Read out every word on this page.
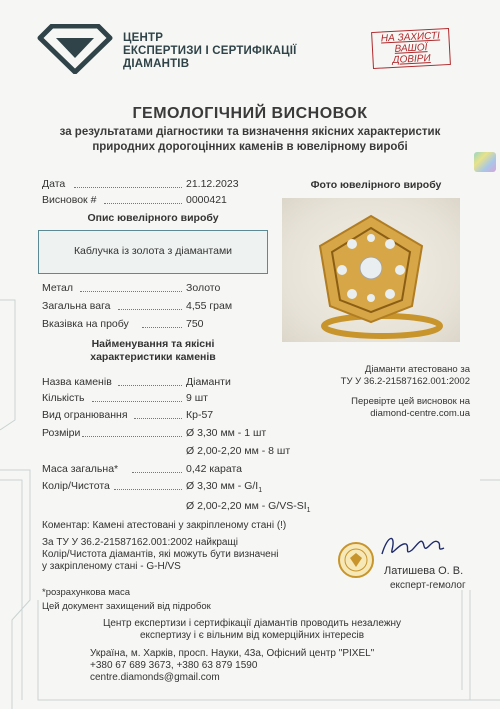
ЦЕНТР
ЕКСПЕРТИЗИ І СЕРТИФІКАЦІЇ
ДІАМАНТІВ
НА ЗАХИСТІ
ВАШОЇ
ДОВІРИ
ГЕМОЛОГІЧНИЙ ВИСНОВОК
за результатами діагностики та визначення якісних характеристик
природних дорогоцінних каменів в ювелірному виробі
Дата	21.12.2023
Висновок #	0000421
Опис ювелірного виробу
Каблучка із золота з діамантами
Фото ювелірного виробу
Метал	Золото
Загальна вага	4,55 грам
Вказівка на пробу	750
Найменування та якісні
характеристики каменів
Назва каменів	Діаманти
Кількість	9 шт
Вид огранювання	Кр-57
Розміри	Ø 3,30 мм - 1 шт
Ø 2,00-2,20 мм - 8 шт
Маса загальна*	0,42 карата
Колір/Чистота	Ø 3,30 мм - $G/I_1$
Ø 2,00-2,20 мм - $G/VS-SI_1$
Діаманти атестовано за
ТУ У 36.2-21587162.001:2002
Перевірте цей висновок на
diamond-centre.com.ua
Коментар: Камені атестовані у закріпленому стані (!)
За ТУ У 36.2-21587162.001:2002 найкращі
Колір/Чистота діамантів, які можуть бути визначені
у закріпленому стані - G-H/VS	Латишева О. В.
експерт-гемолог
*розрахункова маса
Цей документ захищений від підробок
Центр експертизи і сертифікації діамантів проводить незалежну
експертизу і є вільним від комерційних інтересів
Україна, м. Харків, просп. Науки, 43а, Офісний центр "PIXEL"
+380 67 689 3673, +380 63 879 1590
centre.diamonds@gmail.com
